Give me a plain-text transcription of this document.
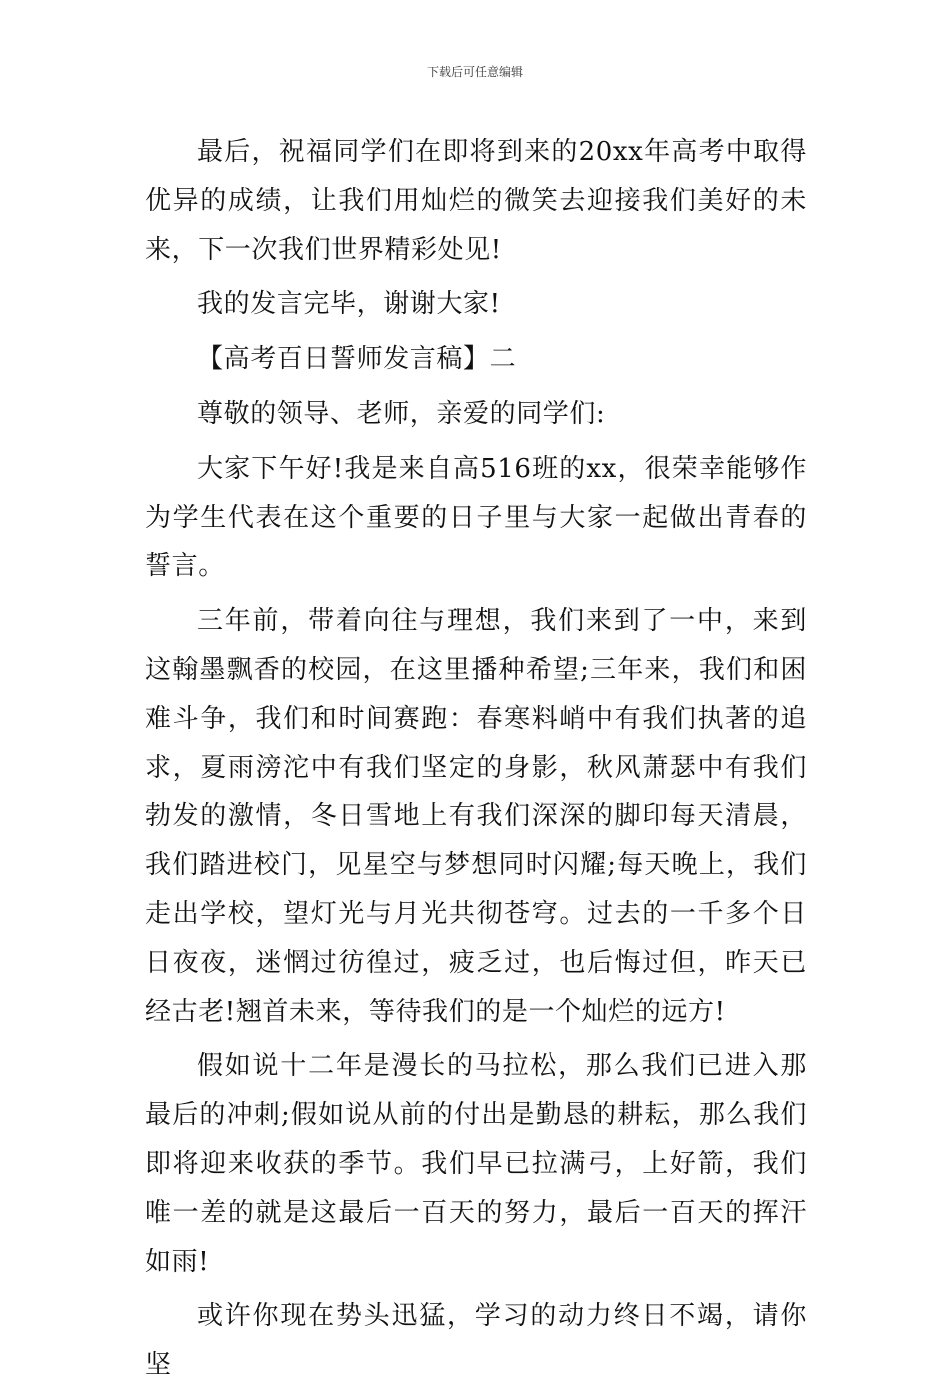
下载后可任意编辑

最后，祝福同学们在即将到来的20xx年高考中取得优异的成绩，让我们用灿烂的微笑去迎接我们美好的未来，下一次我们世界精彩处见!

我的发言完毕，谢谢大家!

【高考百日誓师发言稿】二

尊敬的领导、老师，亲爱的同学们:

大家下午好!我是来自高516班的xx，很荣幸能够作为学生代表在这个重要的日子里与大家一起做出青春的誓言。

三年前，带着向往与理想，我们来到了一中，来到这翰墨飘香的校园，在这里播种希望;三年来，我们和困难斗争，我们和时间赛跑：春寒料峭中有我们执著的追求，夏雨滂沱中有我们坚定的身影，秋风萧瑟中有我们勃发的激情，冬日雪地上有我们深深的脚印每天清晨，我们踏进校门，见星空与梦想同时闪耀;每天晚上，我们走出学校，望灯光与月光共彻苍穹。过去的一千多个日日夜夜，迷惘过彷徨过，疲乏过，也后悔过但，昨天已经古老!翘首未来，等待我们的是一个灿烂的远方!

假如说十二年是漫长的马拉松，那么我们已进入那最后的冲刺;假如说从前的付出是勤恳的耕耘，那么我们即将迎来收获的季节。我们早已拉满弓，上好箭，我们唯一差的就是这最后一百天的努力，最后一百天的挥汗如雨!

或许你现在势头迅猛，学习的动力终日不竭，请你坚
